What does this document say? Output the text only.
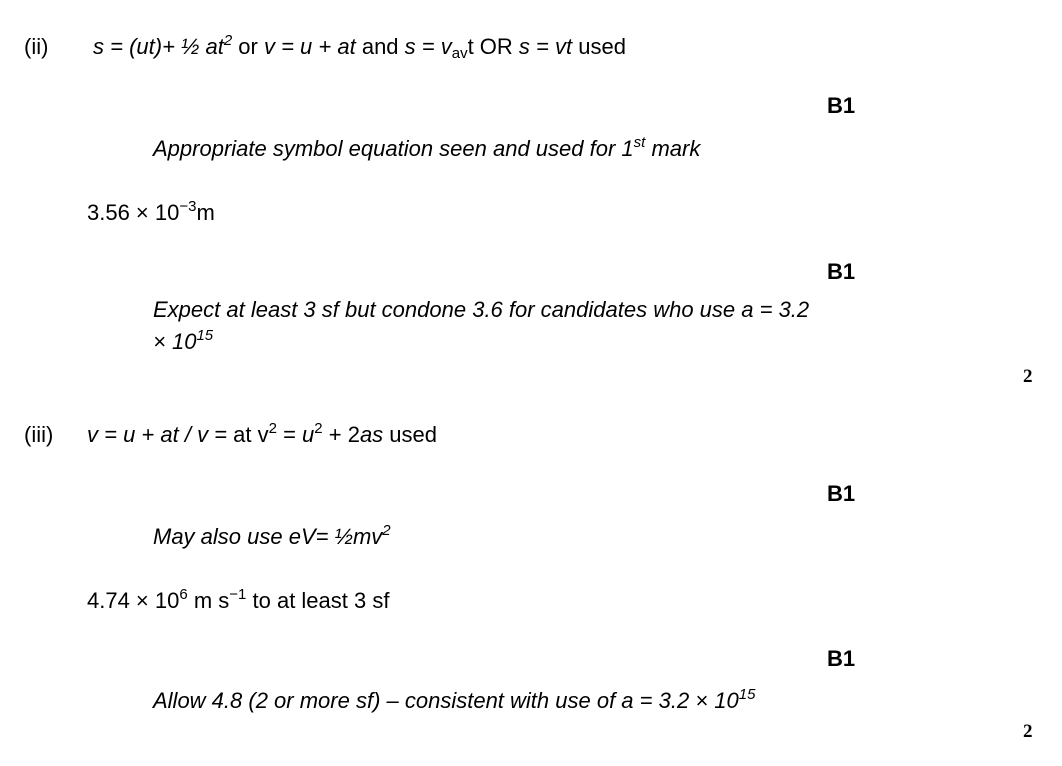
(ii) s = (ut)+ ½ $at^2$ or v = u + at and $s = v_{av}t$ OR s = vt used
B1
Appropriate symbol equation seen and used for 1st mark
$3.56 \times 10^{-3}m$
B1
Expect at least 3 sf but condone 3.6 for candidates who use a = 3.2
× $10^{15}$
2
(iii) v = u + at / v = at $v^2 = u^2 + 2as$ used
B1
May also use $eV= \frac{1}{2}mv^2$
$4.74 \times 10^6$ m $s^{-1}$ to at least 3 sf
B1
Allow 4.8 (2 or more sf) – consistent with use of $a = 3.2 \times 10^{15}$
2
